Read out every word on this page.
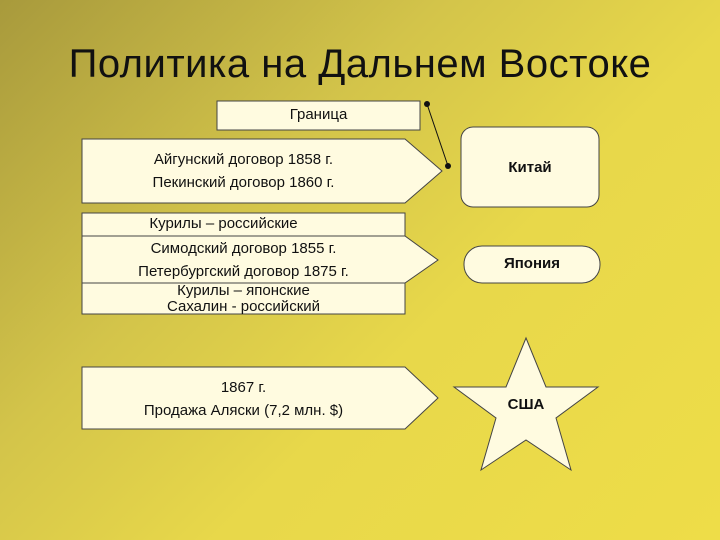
Политика на Дальнем Востоке
Граница
Айгунский договор 1858 г.
Пекинский договор 1860 г.
Курилы – российские
Симодский договор 1855 г.
Петербургский договор 1875 г.
Курилы – японские
Сахалин - российский
1867 г.
Продажа Аляски (7,2 млн. $)
Китай
Япония
США
